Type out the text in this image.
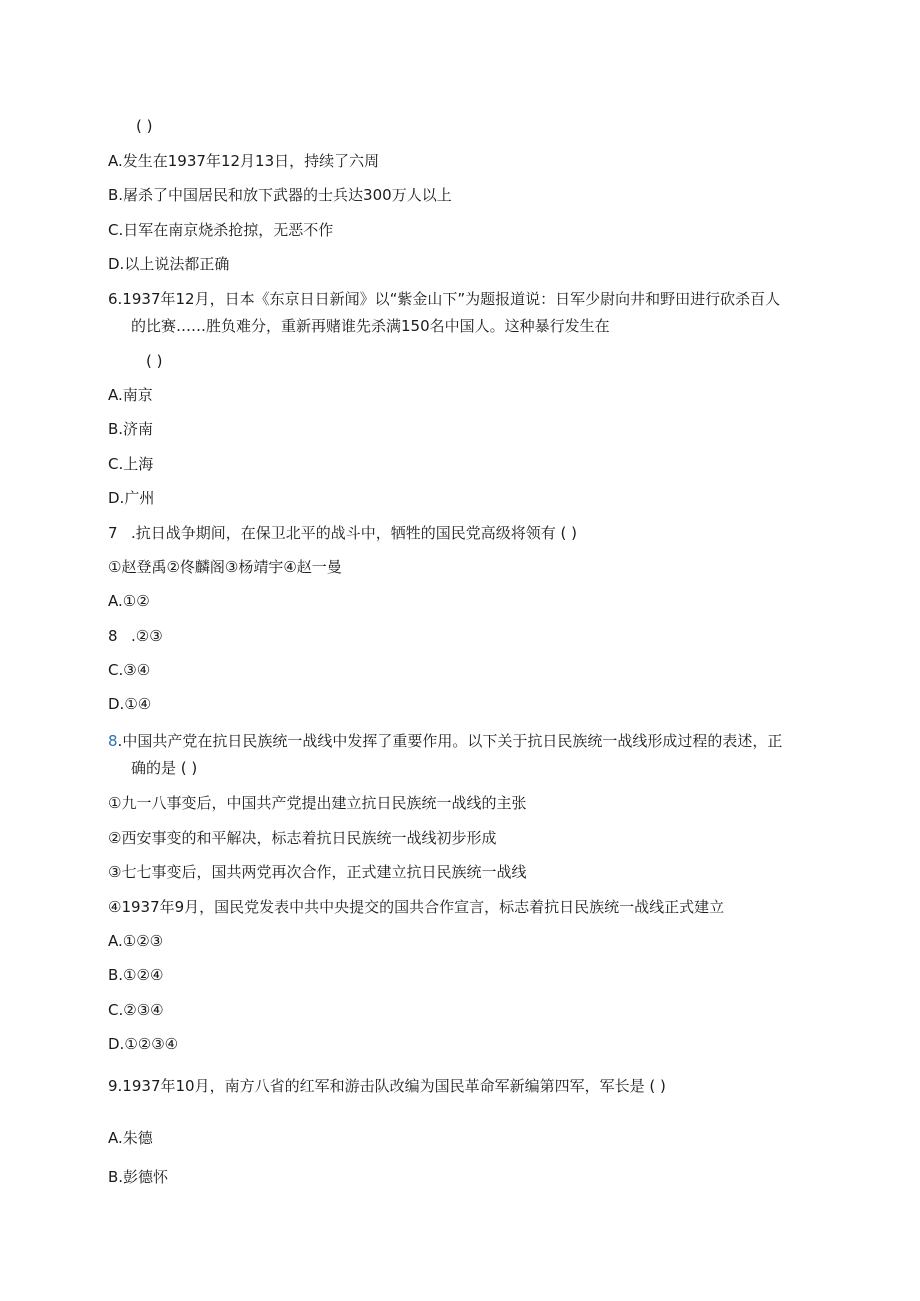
( )
A.发生在1937年12月13日，持续了六周
B.屠杀了中国居民和放下武器的士兵达300万人以上
C.日军在南京烧杀抢掠，无恶不作
D.以上说法都正确
6.1937年12月，日本《东京日日新闻》以“紫金山下”为题报道说：日军少尉向井和野田进行砍杀百人
的比赛……胜负难分，重新再赌谁先杀满150名中国人。这种暴行发生在
( )
A.南京
B.济南
C.上海
D.广州
7 .抗日战争期间，在保卫北平的战斗中，牺牲的国民党高级将领有 ( )
①赵登禹②佟麟阁③杨靖宇④赵一曼
A.①②
8 .②③
C.③④
D.①④
8.中国共产党在抗日民族统一战线中发挥了重要作用。以下关于抗日民族统一战线形成过程的表述，正
确的是 ( )
①九一八事变后，中国共产党提出建立抗日民族统一战线的主张
②西安事变的和平解决，标志着抗日民族统一战线初步形成
③七七事变后，国共两党再次合作，正式建立抗日民族统一战线
④1937年9月，国民党发表中共中央提交的国共合作宣言，标志着抗日民族统一战线正式建立
A.①②③
B.①②④
C.②③④
D.①②③④
9.1937年10月，南方八省的红军和游击队改编为国民革命军新编第四军，军长是 ( )
A.朱德
B.彭德怀
